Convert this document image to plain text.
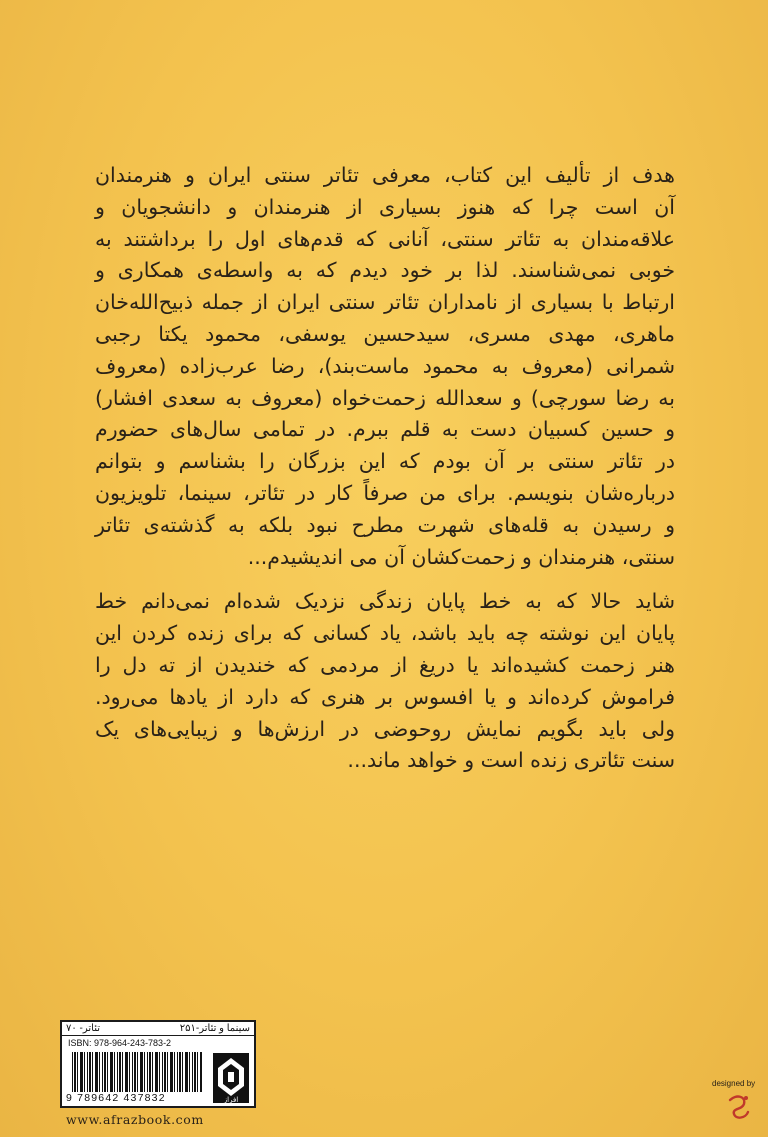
هدف از تألیف این کتاب، معرفی تئاتر سنتی ایران و هنرمندان
آن است چرا که هنوز بسیاری از هنرمندان و دانشجویان و
علاقه‌مندان به تئاتر سنتی، آنانی که قدم‌های اول را برداشتند به
خوبی نمی‌شناسند. لذا بر خود دیدم که به واسطه‌ی همکاری و
ارتباط با بسیاری از نامداران تئاتر سنتی ایران از جمله ذبیح‌الله‌خان
ماهری، مهدی مسری، سیدحسین یوسفی، محمود یکتا رجبی
شمرانی (معروف به محمود ماست‌بند)، رضا عرب‌زاده (معروف
به رضا سورچی) و سعدالله زحمت‌خواه (معروف به سعدی افشار)
و حسین کسبیان دست به قلم ببرم. در تمامی سال‌های حضورم
در تئاتر سنتی بر آن بودم که این بزرگان را بشناسم و بتوانم
درباره‌شان بنویسم. برای من صرفاً کار در تئاتر، سینما، تلویزیون
و رسیدن به قله‌های شهرت مطرح نبود بلکه به گذشته‌ی تئاتر
سنتی، هنرمندان و زحمت‌کشان آن می اندیشیدم...

شاید حالا که به خط پایان زندگی نزدیک شده‌ام نمی‌دانم خط
پایان این نوشته چه باید باشد، یاد کسانی که برای زنده کردن این
هنر زحمت کشیده‌اند یا دریغ از مردمی که خندیدن از ته دل را
فراموش کرده‌اند و یا افسوس بر هنری که دارد از یادها می‌رود.
ولی باید بگویم نمایش روحوضی در ارزش‌ها و زیبایی‌های یک
سنت تئاتری زنده است و خواهد ماند...

سینما و تئاتر-۲۵۱
تئاتر- ۷۰
ISBN: 978-964-243-783-2
9 789642 437832	افراز
www.afrazbook.com
designed by
